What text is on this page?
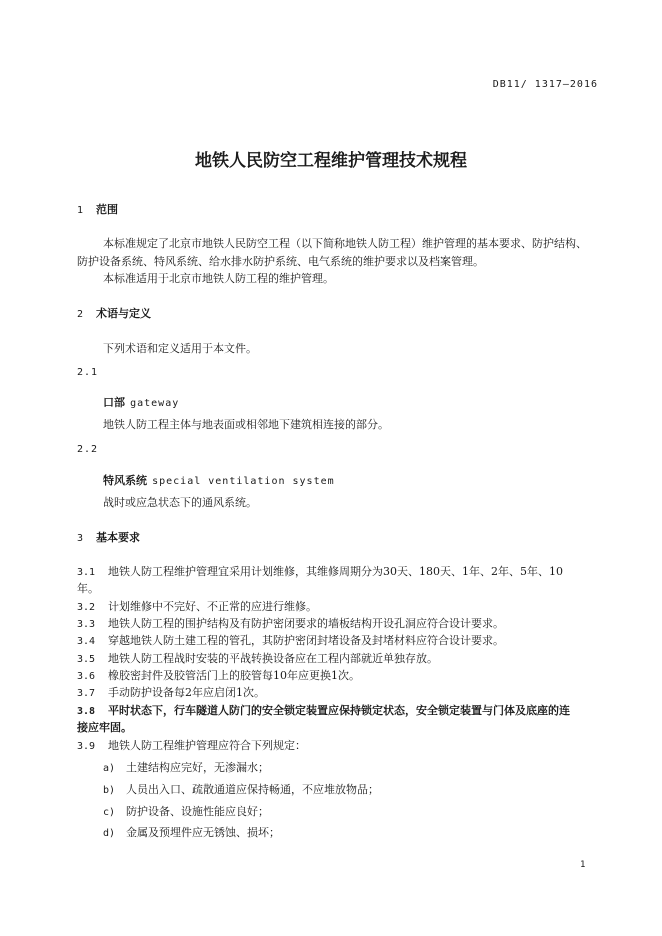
DB11/ 1317—2016
地铁人民防空工程维护管理技术规程
1 范围
本标准规定了北京市地铁人民防空工程（以下简称地铁人防工程）维护管理的基本要求、防护结构、
防护设备系统、特风系统、给水排水防护系统、电气系统的维护要求以及档案管理。
本标准适用于北京市地铁人防工程的维护管理。
2 术语与定义
下列术语和定义适用于本文件。
2.1
口部 gateway
地铁人防工程主体与地表面或相邻地下建筑相连接的部分。
2.2
特风系统 special ventilation system
战时或应急状态下的通风系统。
3 基本要求
3.1 地铁人防工程维护管理宜采用计划维修，其维修周期分为30天、180天、1年、2年、5年、10
年。
3.2 计划维修中不完好、不正常的应进行维修。
3.3 地铁人防工程的围护结构及有防护密闭要求的墙板结构开设孔洞应符合设计要求。
3.4 穿越地铁人防土建工程的管孔，其防护密闭封堵设备及封堵材料应符合设计要求。
3.5 地铁人防工程战时安装的平战转换设备应在工程内部就近单独存放。
3.6 橡胶密封件及胶管活门上的胶管每10年应更换1次。
3.7 手动防护设备每2年应启闭1次。
3.8 平时状态下，行车隧道人防门的安全锁定装置应保持锁定状态，安全锁定装置与门体及底座的连
接应牢固。
3.9 地铁人防工程维护管理应符合下列规定：
a) 土建结构应完好，无渗漏水；
b) 人员出入口、疏散通道应保持畅通，不应堆放物品；
c) 防护设备、设施性能应良好；
d) 金属及预埋件应无锈蚀、损坏；
1
